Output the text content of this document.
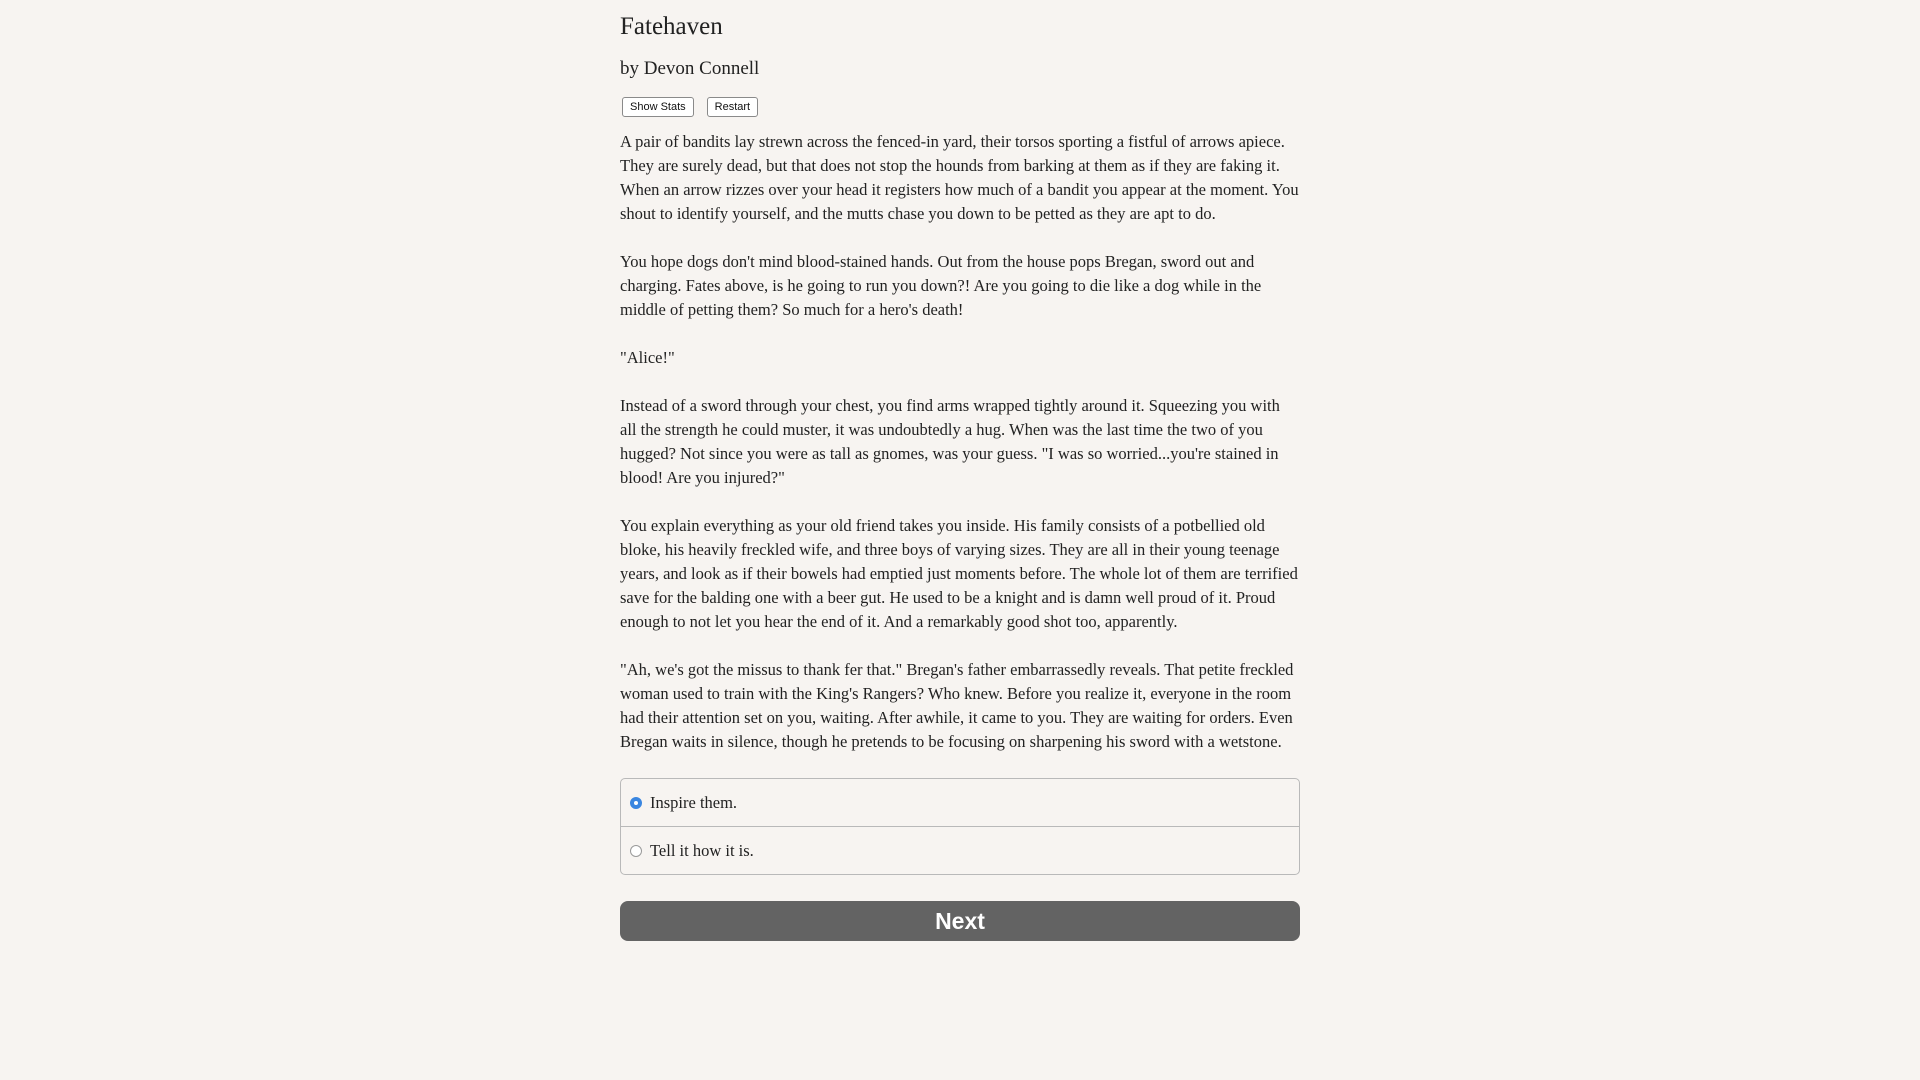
Fatehaven
by Devon Connell
Show Stats	Restart

A pair of bandits lay strewn across the fenced-in yard, their torsos sporting a fistful of arrows apiece. They are surely dead, but that does not stop the hounds from barking at them as if they are faking it. When an arrow rizzes over your head it registers how much of a bandit you appear at the moment. You shout to identify yourself, and the mutts chase you down to be petted as they are apt to do.

You hope dogs don't mind blood-stained hands. Out from the house pops Bregan, sword out and charging. Fates above, is he going to run you down?! Are you going to die like a dog while in the middle of petting them? So much for a hero's death!

"Alice!"

Instead of a sword through your chest, you find arms wrapped tightly around it. Squeezing you with all the strength he could muster, it was undoubtedly a hug. When was the last time the two of you hugged? Not since you were as tall as gnomes, was your guess. "I was so worried...you're stained in blood! Are you injured?"

You explain everything as your old friend takes you inside. His family consists of a potbellied old bloke, his heavily freckled wife, and three boys of varying sizes. They are all in their young teenage years, and look as if their bowels had emptied just moments before. The whole lot of them are terrified save for the balding one with a beer gut. He used to be a knight and is damn well proud of it. Proud enough to not let you hear the end of it. And a remarkably good shot too, apparently.

"Ah, we's got the missus to thank fer that." Bregan's father embarrassedly reveals. That petite freckled woman used to train with the King's Rangers? Who knew. Before you realize it, everyone in the room had their attention set on you, waiting. After awhile, it came to you. They are waiting for orders. Even Bregan waits in silence, though he pretends to be focusing on sharpening his sword with a wetstone.

Inspire them.
Tell it how it is.
Next
